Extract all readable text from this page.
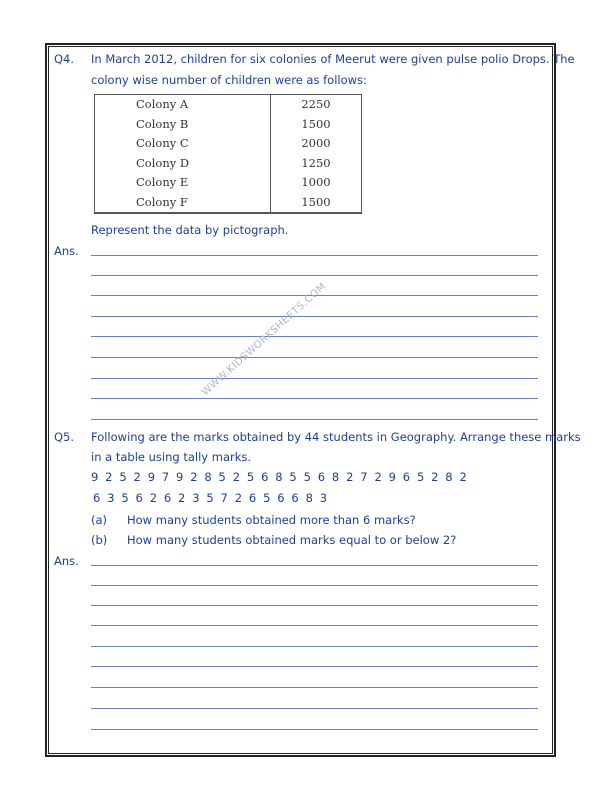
Q4. In March 2012, children for six colonies of Meerut were given pulse polio Drops. The
colony wise number of children were as follows:
Colony A	2250
Colony B	1500
Colony C	2000
Colony D	1250
Colony E	1000
Colony F	1500
Represent the data by pictograph.
Ans.
Q5. Following are the marks obtained by 44 students in Geography. Arrange these marks
in a table using tally marks.
9 2 5 2 9 7 9 2 8 5 2 5 6 8 5 5 6 8 2 7 2 9 6 5 2 8 2
6 3 5 6 2 6 2 3 5 7 2 6 5 6 6 8 3
(a) How many students obtained more than 6 marks?
(b) How many students obtained marks equal to or below 2?
Ans.
WWW.KIDSWORKSHEETS.COM
